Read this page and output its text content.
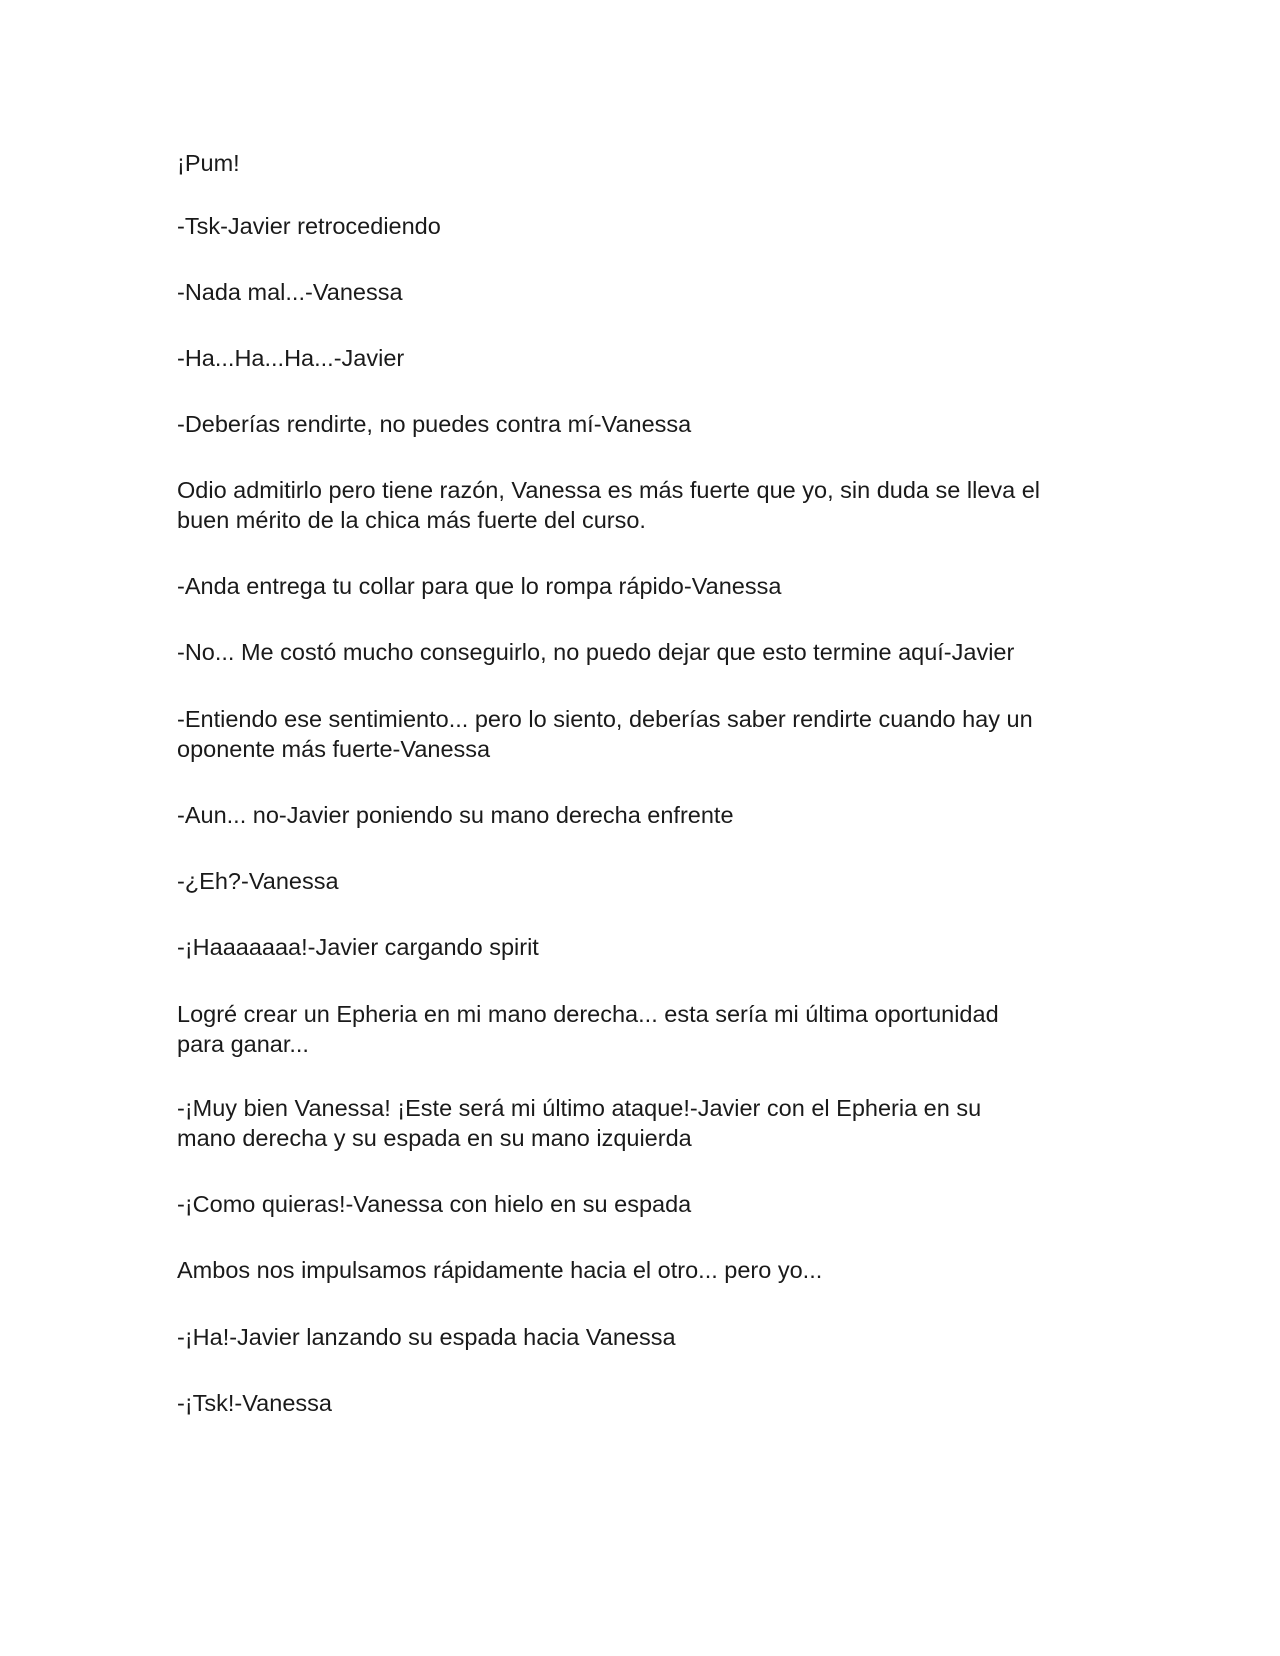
¡Pum!
-Tsk-Javier retrocediendo
-Nada mal...-Vanessa
-Ha...Ha...Ha...-Javier
-Deberías rendirte, no puedes contra mí-Vanessa
Odio admitirlo pero tiene razón, Vanessa es más fuerte que yo, sin duda se lleva el
buen mérito de la chica más fuerte del curso.
-Anda entrega tu collar para que lo rompa rápido-Vanessa
-No... Me costó mucho conseguirlo, no puedo dejar que esto termine aquí-Javier
-Entiendo ese sentimiento... pero lo siento, deberías saber rendirte cuando hay un
oponente más fuerte-Vanessa
-Aun... no-Javier poniendo su mano derecha enfrente
-¿Eh?-Vanessa
-¡Haaaaaaa!-Javier cargando spirit
Logré crear un Epheria en mi mano derecha... esta sería mi última oportunidad
para ganar...
-¡Muy bien Vanessa! ¡Este será mi último ataque!-Javier con el Epheria en su
mano derecha y su espada en su mano izquierda
-¡Como quieras!-Vanessa con hielo en su espada
Ambos nos impulsamos rápidamente hacia el otro... pero yo...
-¡Ha!-Javier lanzando su espada hacia Vanessa
-¡Tsk!-Vanessa
